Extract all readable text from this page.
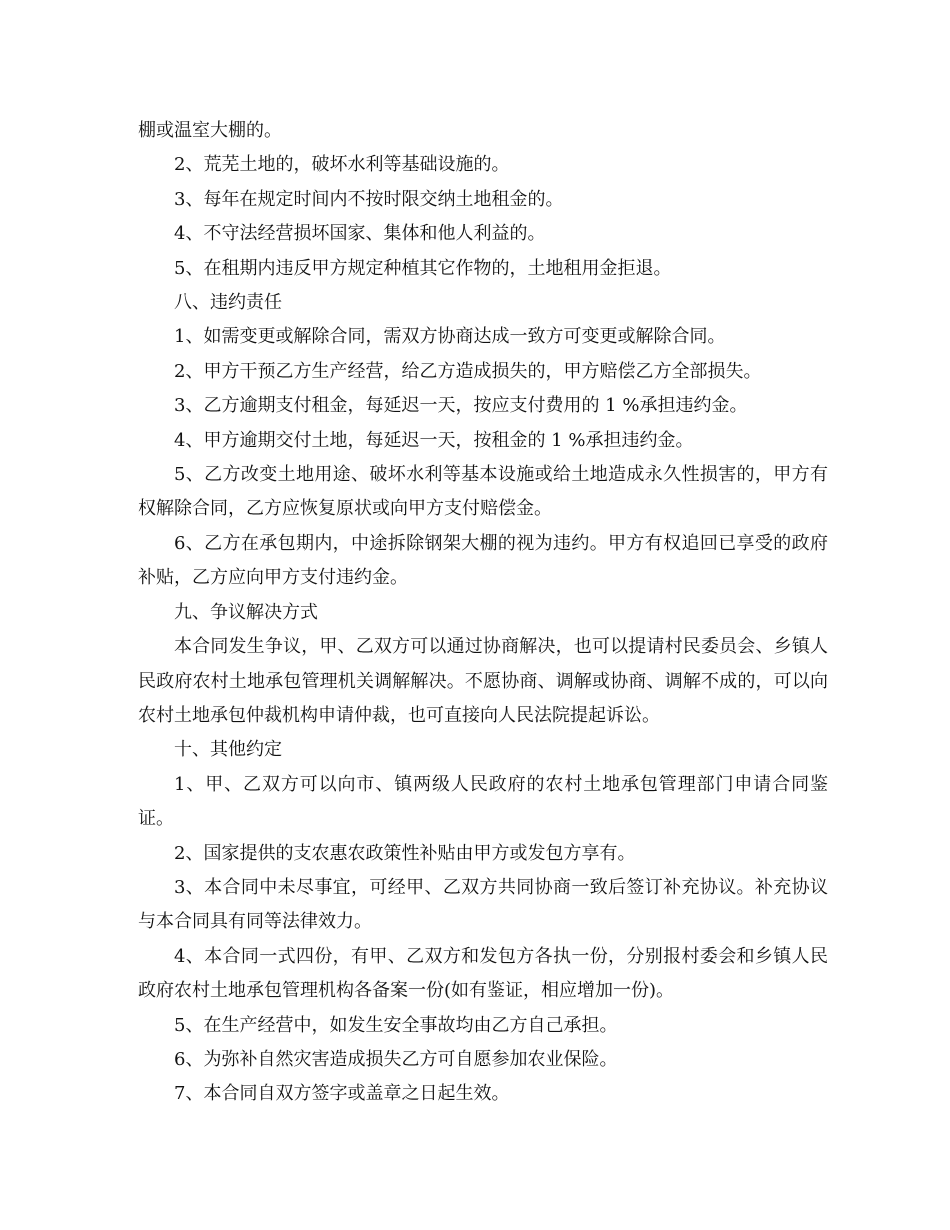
棚或温室大棚的。

2、荒芜土地的，破坏水利等基础设施的。

3、每年在规定时间内不按时限交纳土地租金的。

4、不守法经营损坏国家、集体和他人利益的。

5、在租期内违反甲方规定种植其它作物的，土地租用金拒退。

八、违约责任

1、如需变更或解除合同，需双方协商达成一致方可变更或解除合同。

2、甲方干预乙方生产经营，给乙方造成损失的，甲方赔偿乙方全部损失。

3、乙方逾期支付租金，每延迟一天，按应支付费用的 1 %承担违约金。

4、甲方逾期交付土地，每延迟一天，按租金的 1 %承担违约金。

5、乙方改变土地用途、破坏水利等基本设施或给土地造成永久性损害的，甲方有权解除合同，乙方应恢复原状或向甲方支付赔偿金。

6、乙方在承包期内，中途拆除钢架大棚的视为违约。甲方有权追回已享受的政府补贴，乙方应向甲方支付违约金。

九、争议解决方式

本合同发生争议，甲、乙双方可以通过协商解决，也可以提请村民委员会、乡镇人民政府农村土地承包管理机关调解解决。不愿协商、调解或协商、调解不成的，可以向农村土地承包仲裁机构申请仲裁，也可直接向人民法院提起诉讼。

十、其他约定

1、甲、乙双方可以向市、镇两级人民政府的农村土地承包管理部门申请合同鉴证。

2、国家提供的支农惠农政策性补贴由甲方或发包方享有。

3、本合同中未尽事宜，可经甲、乙双方共同协商一致后签订补充协议。补充协议与本合同具有同等法律效力。

4、本合同一式四份，有甲、乙双方和发包方各执一份，分别报村委会和乡镇人民政府农村土地承包管理机构各备案一份(如有鉴证，相应增加一份)。

5、在生产经营中，如发生安全事故均由乙方自己承担。

6、为弥补自然灾害造成损失乙方可自愿参加农业保险。

7、本合同自双方签字或盖章之日起生效。
